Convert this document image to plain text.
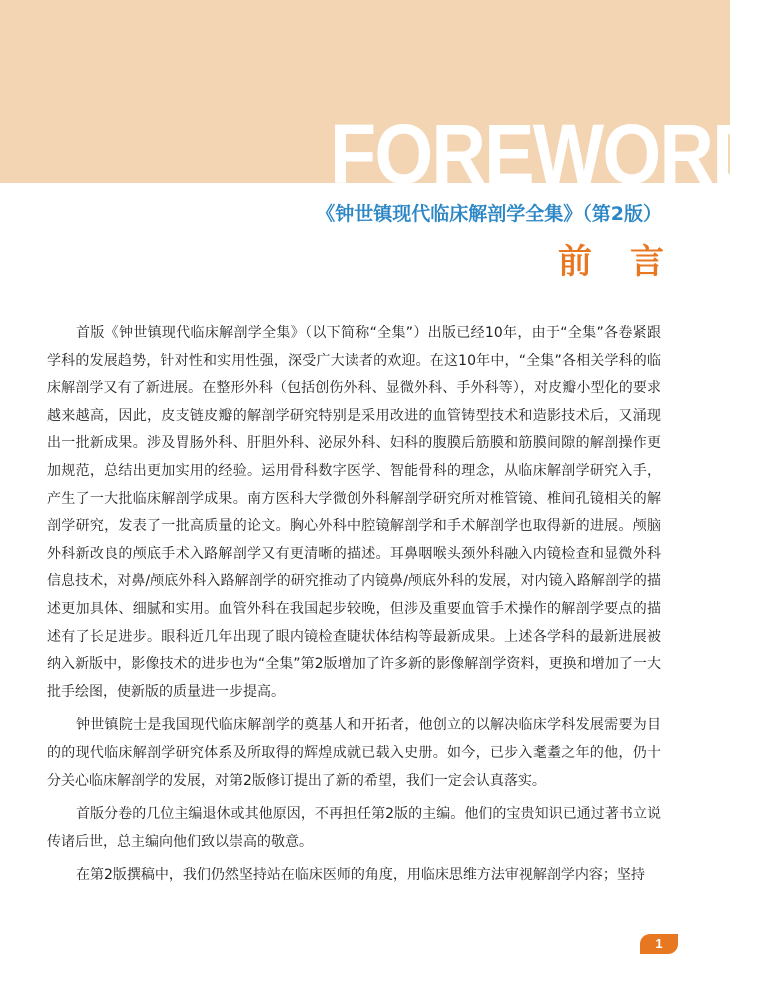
FOREWORD
《钟世镇现代临床解剖学全集》（第2版）
前言

首版《钟世镇现代临床解剖学全集》（以下简称“全集”）出版已经10年，由于“全集”各卷紧跟学科的发展趋势，针对性和实用性强，深受广大读者的欢迎。在这10年中，“全集”各相关学科的临床解剖学又有了新进展。在整形外科（包括创伤外科、显微外科、手外科等），对皮瓣小型化的要求越来越高，因此，皮支链皮瓣的解剖学研究特别是采用改进的血管铸型技术和造影技术后，又涌现出一批新成果。涉及胃肠外科、肝胆外科、泌尿外科、妇科的腹膜后筋膜和筋膜间隙的解剖操作更加规范，总结出更加实用的经验。运用骨科数字医学、智能骨科的理念，从临床解剖学研究入手，产生了一大批临床解剖学成果。南方医科大学微创外科解剖学研究所对椎管镜、椎间孔镜相关的解剖学研究，发表了一批高质量的论文。胸心外科中腔镜解剖学和手术解剖学也取得新的进展。颅脑外科新改良的颅底手术入路解剖学又有更清晰的描述。耳鼻咽喉头颈外科融入内镜检查和显微外科信息技术，对鼻/颅底外科入路解剖学的研究推动了内镜鼻/颅底外科的发展，对内镜入路解剖学的描述更加具体、细腻和实用。血管外科在我国起步较晚，但涉及重要血管手术操作的解剖学要点的描述有了长足进步。眼科近几年出现了眼内镜检查睫状体结构等最新成果。上述各学科的最新进展被纳入新版中，影像技术的进步也为“全集”第2版增加了许多新的影像解剖学资料，更换和增加了一大批手绘图，使新版的质量进一步提高。

钟世镇院士是我国现代临床解剖学的奠基人和开拓者，他创立的以解决临床学科发展需要为目的的现代临床解剖学研究体系及所取得的辉煌成就已载入史册。如今，已步入耄耋之年的他，仍十分关心临床解剖学的发展，对第2版修订提出了新的希望，我们一定会认真落实。

首版分卷的几位主编退休或其他原因，不再担任第2版的主编。他们的宝贵知识已通过著书立说传诸后世，总主编向他们致以崇高的敬意。

在第2版撰稿中，我们仍然坚持站在临床医师的角度，用临床思维方法审视解剖学内容；坚持

1
